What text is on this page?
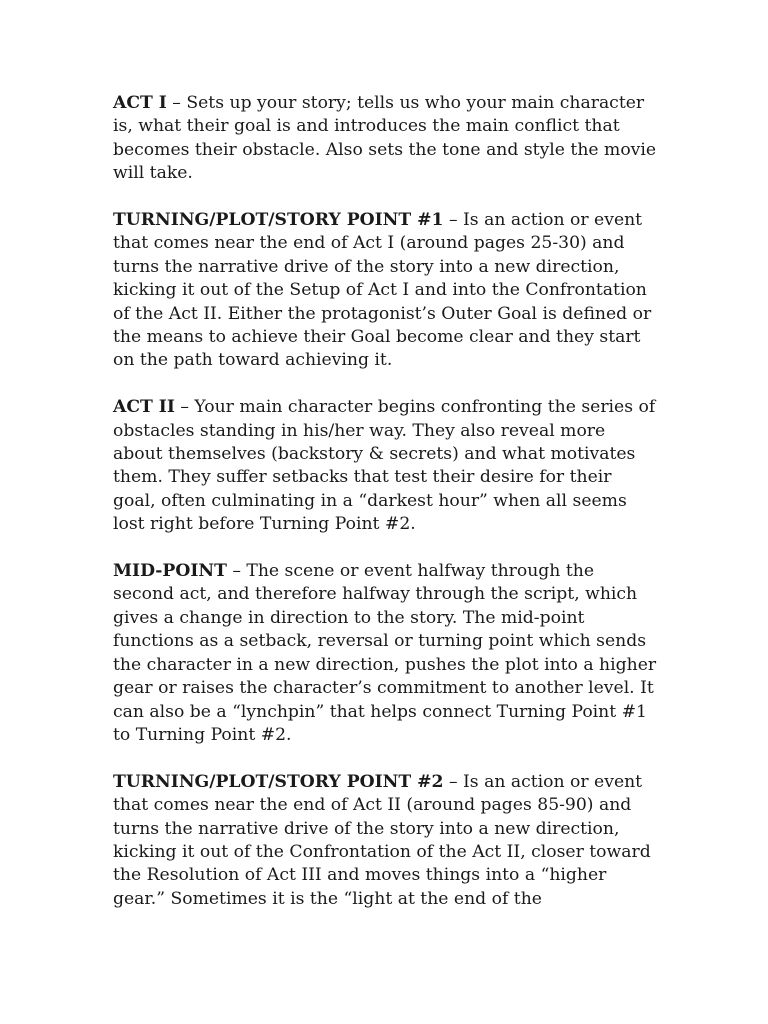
ACT I – Sets up your story; tells us who your main character is, what their goal is and introduces the main conflict that becomes their obstacle. Also sets the tone and style the movie will take.

TURNING/PLOT/STORY POINT #1 – Is an action or event that comes near the end of Act I (around pages 25-30) and turns the narrative drive of the story into a new direction, kicking it out of the Setup of Act I and into the Confrontation of the Act II. Either the protagonist’s Outer Goal is defined or the means to achieve their Goal become clear and they start on the path toward achieving it.

ACT II – Your main character begins confronting the series of obstacles standing in his/her way. They also reveal more about themselves (backstory & secrets) and what motivates them. They suffer setbacks that test their desire for their goal, often culminating in a “darkest hour” when all seems lost right before Turning Point #2.

MID-POINT – The scene or event halfway through the second act, and therefore halfway through the script, which gives a change in direction to the story. The mid-point functions as a setback, reversal or turning point which sends the character in a new direction, pushes the plot into a higher gear or raises the character’s commitment to another level. It can also be a “lynchpin” that helps connect Turning Point #1 to Turning Point #2.

TURNING/PLOT/STORY POINT #2 – Is an action or event that comes near the end of Act II (around pages 85-90) and turns the narrative drive of the story into a new direction, kicking it out of the Confrontation of the Act II, closer toward the Resolution of Act III and moves things into a “higher gear.” Sometimes it is the “light at the end of the
